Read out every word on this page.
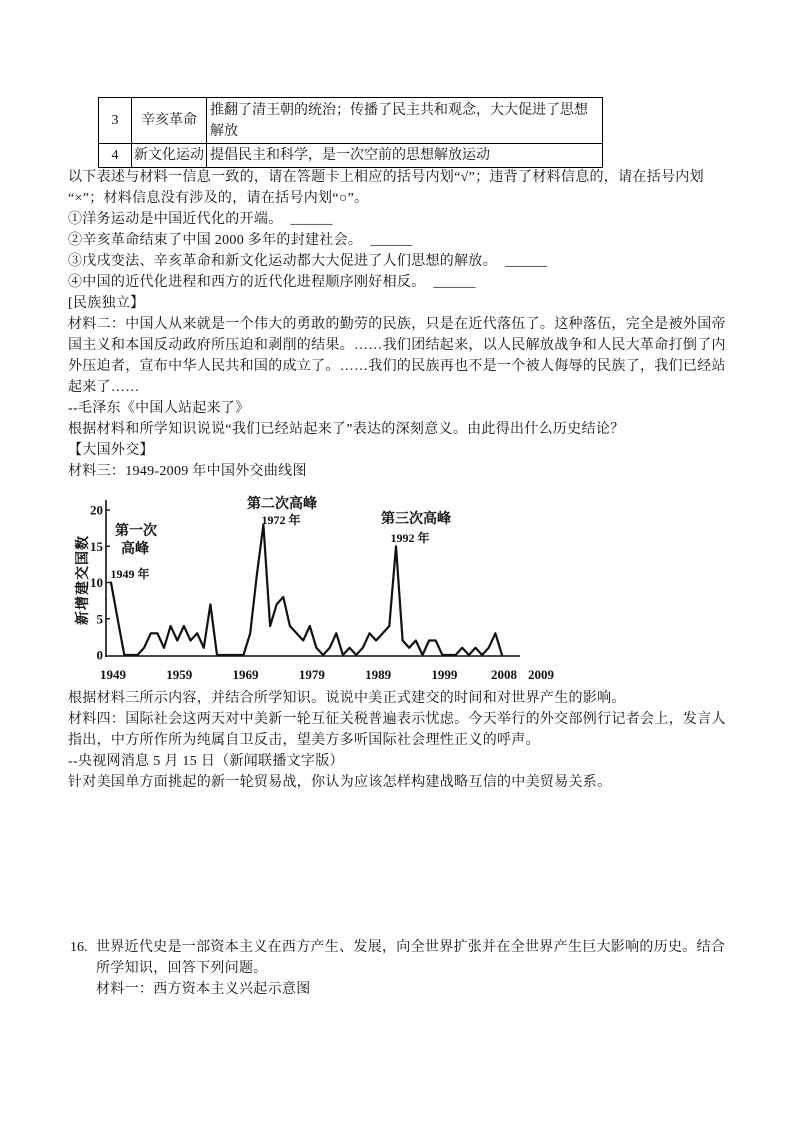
3	辛亥革命	推翻了清王朝的统治；传播了民主共和观念，大大促进了思想
解放

4	新文化运动	提倡民主和科学，是一次空前的思想解放运动
以下表述与材料一信息一致的，请在答题卡上相应的括号内划“√”；违背了材料信息的，请在括号内划
“×”；材料信息没有涉及的，请在括号内划“○”。
①洋务运动是中国近代化的开端。 ______
②辛亥革命结束了中国 2000 多年的封建社会。 ______
③戊戌变法、辛亥革命和新文化运动都大大促进了人们思想的解放。 ______
④中国的近代化进程和西方的近代化进程顺序刚好相反。 ______
[民族独立】
材料二：中国人从来就是一个伟大的勇敢的勤劳的民族，只是在近代落伍了。这种落伍，完全是被外国帝
国主义和本国反动政府所压迫和剥削的结果。……我们团结起来，以人民解放战争和人民大革命打倒了内
外压迫者，宣布中华人民共和国的成立了。……我们的民族再也不是一个被人侮辱的民族了，我们已经站
起来了……
--毛泽东《中国人站起来了》
根据材料和所学知识说说“我们已经站起来了”表达的深刻意义。由此得出什么历史结论？
【大国外交】
材料三：1949-2009 年中国外交曲线图
新增建交国数
0
5
10
15
20
1949	1959	1969	1979	1989	1999	2008 2009
第一次
高峰
1949 年
第二次高峰
1972 年	第三次高峰
1992 年
根据材料三所示内容，并结合所学知识。说说中美正式建交的时间和对世界产生的影响。
材料四：国际社会这两天对中美新一轮互征关税普遍表示忧虑。今天举行的外交部例行记者会上，发言人
指出，中方所作所为纯属自卫反击，望美方多听国际社会理性正义的呼声。
--央视网消息 5 月 15 日（新闻联播文字版）
针对美国单方面挑起的新一轮贸易战，你认为应该怎样构建战略互信的中美贸易关系。
16. 世界近代史是一部资本主义在西方产生、发展，向全世界扩张并在全世界产生巨大影响的历史。结合
所学知识，回答下列问题。
材料一：西方资本主义兴起示意图
